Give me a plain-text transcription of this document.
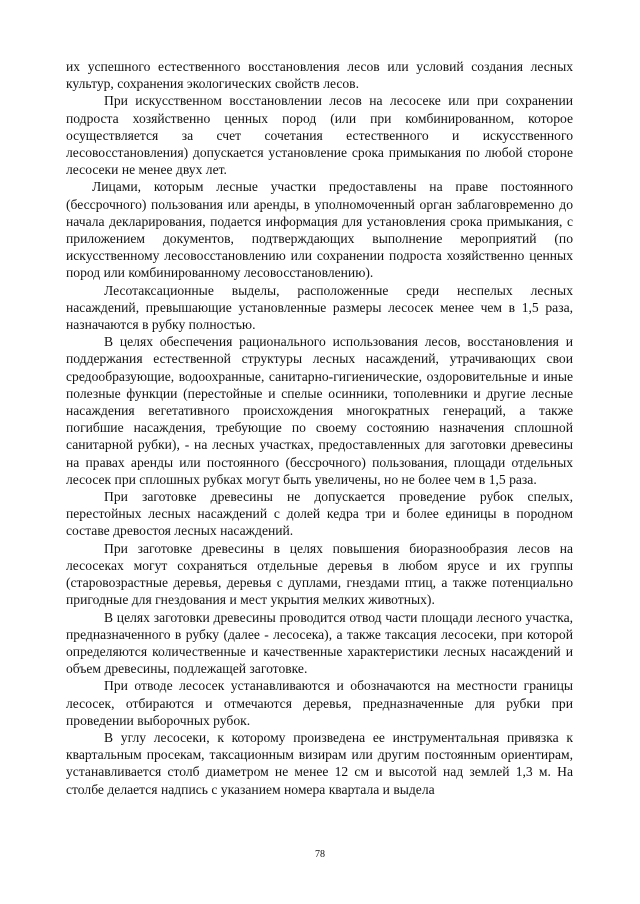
их успешного естественного восстановления лесов или условий создания лесных культур, сохранения экологических свойств лесов.

При искусственном восстановлении лесов на лесосеке или при сохранении подроста хозяйственно ценных пород (или при комбинированном, которое осуществляется за счет сочетания естественного и искусственного лесовосстановления) допускается установление срока примыкания по любой стороне лесосеки не менее двух лет.

Лицами, которым лесные участки предоставлены на праве постоянного (бессрочного) пользования или аренды, в уполномоченный орган заблаговременно до начала декларирования, подается информация для установления срока примыкания, с приложением документов, подтверждающих выполнение мероприятий (по искусственному лесовосстановлению или сохранении подроста хозяйственно ценных пород или комбинированному лесовосстановлению).

Лесотаксационные выделы, расположенные среди неспелых лесных насаждений, превышающие установленные размеры лесосек менее чем в 1,5 раза, назначаются в рубку полностью.

В целях обеспечения рационального использования лесов, восстановления и поддержания естественной структуры лесных насаждений, утрачивающих свои средообразующие, водоохранные, санитарно-гигиенические, оздоровительные и иные полезные функции (перестойные и спелые осинники, тополевники и другие лесные насаждения вегетативного происхождения многократных генераций, а также погибшие насаждения, требующие по своему состоянию назначения сплошной санитарной рубки), - на лесных участках, предоставленных для заготовки древесины на правах аренды или постоянного (бессрочного) пользования, площади отдельных лесосек при сплошных рубках могут быть увеличены, но не более чем в 1,5 раза.

При заготовке древесины не допускается проведение рубок спелых, перестойных лесных насаждений с долей кедра три и более единицы в породном составе древостоя лесных насаждений.

При заготовке древесины в целях повышения биоразнообразия лесов на лесосеках могут сохраняться отдельные деревья в любом ярусе и их группы (старовозрастные деревья, деревья с дуплами, гнездами птиц, а также потенциально пригодные для гнездования и мест укрытия мелких животных).

В целях заготовки древесины проводится отвод части площади лесного участка, предназначенного в рубку (далее - лесосека), а также таксация лесосеки, при которой определяются количественные и качественные характеристики лесных насаждений и объем древесины, подлежащей заготовке.

При отводе лесосек устанавливаются и обозначаются на местности границы лесосек, отбираются и отмечаются деревья, предназначенные для рубки при проведении выборочных рубок.

В углу лесосеки, к которому произведена ее инструментальная привязка к квартальным просекам, таксационным визирам или другим постоянным ориентирам, устанавливается столб диаметром не менее 12 см и высотой над землей 1,3 м. На столбе делается надпись с указанием номера квартала и выдела

78
